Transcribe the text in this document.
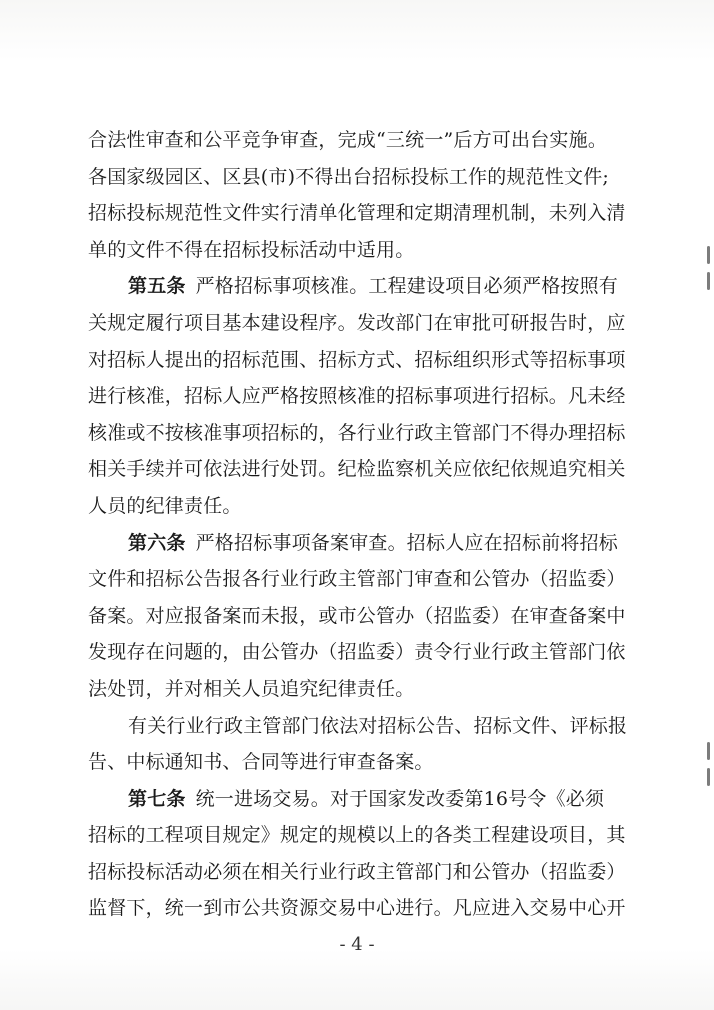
合法性审查和公平竞争审查，完成“三统一”后方可出台实施。
各国家级园区、区县(市)不得出台招标投标工作的规范性文件;
招标投标规范性文件实行清单化管理和定期清理机制，未列入清
单的文件不得在招标投标活动中适用。
第五条 严格招标事项核准。工程建设项目必须严格按照有
关规定履行项目基本建设程序。发改部门在审批可研报告时，应
对招标人提出的招标范围、招标方式、招标组织形式等招标事项
进行核准，招标人应严格按照核准的招标事项进行招标。凡未经
核准或不按核准事项招标的，各行业行政主管部门不得办理招标
相关手续并可依法进行处罚。纪检监察机关应依纪依规追究相关
人员的纪律责任。
第六条 严格招标事项备案审查。招标人应在招标前将招标
文件和招标公告报各行业行政主管部门审查和公管办（招监委）
备案。对应报备案而未报，或市公管办（招监委）在审查备案中
发现存在问题的，由公管办（招监委）责令行业行政主管部门依
法处罚，并对相关人员追究纪律责任。
有关行业行政主管部门依法对招标公告、招标文件、评标报
告、中标通知书、合同等进行审查备案。
第七条 统一进场交易。对于国家发改委第16号令《必须
招标的工程项目规定》规定的规模以上的各类工程建设项目，其
招标投标活动必须在相关行业行政主管部门和公管办（招监委）
监督下，统一到市公共资源交易中心进行。凡应进入交易中心开
- 4 -
